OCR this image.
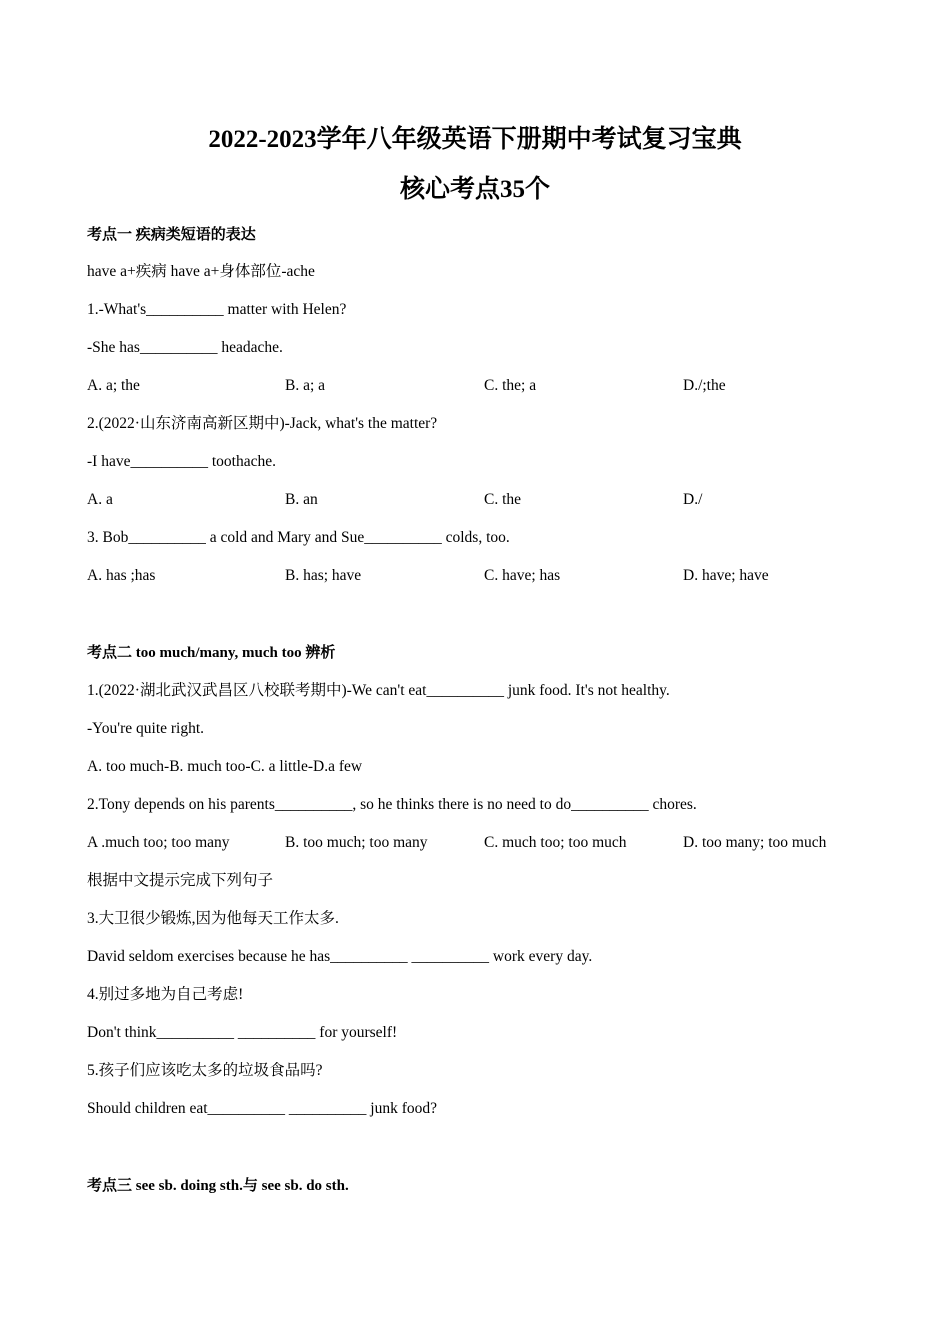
2022-2023学年八年级英语下册期中考试复习宝典
核心考点35个
考点一 疾病类短语的表达
have a+疾病 have a+身体部位-ache
1.-What's__________ matter with Helen?
-She has__________ headache.
A. a; the	B. a; a	C. the; a	D./;the
2.(2022·山东济南高新区期中)-Jack, what's the matter?
-I have__________ toothache.
A. a	B. an	C. the	D./
3. Bob__________ a cold and Mary and Sue__________ colds, too.
A. has ;has	B. has; have	C. have; has	D. have; have
考点二 too much/many, much too 辨析
1.(2022·湖北武汉武昌区八校联考期中)-We can't eat__________ junk food. It's not healthy.
-You're quite right.
A. too much-B. much too-C. a little-D.a few
2.Tony depends on his parents__________, so he thinks there is no need to do__________ chores.
A .much too; too many	B. too much; too many	C. much too; too much	D. too many; too much
根据中文提示完成下列句子
3.大卫很少锻炼,因为他每天工作太多.
David seldom exercises because he has__________ __________ work every day.
4.别过多地为自己考虑!
Don't think__________ __________ for yourself!
5.孩子们应该吃太多的垃圾食品吗?
Should children eat__________ __________ junk food?
考点三 see sb. doing sth.与 see sb. do sth.
